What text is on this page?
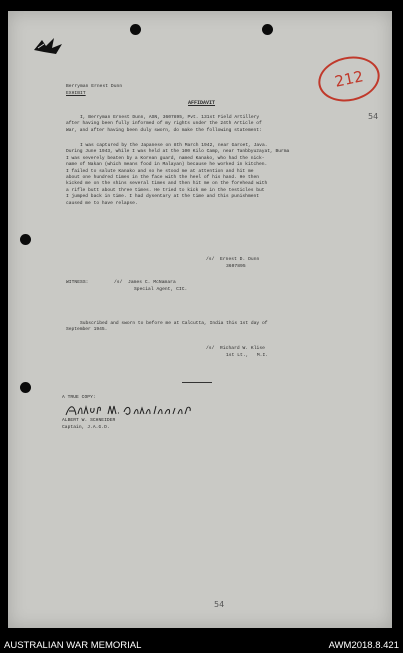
212
54
Berryman Ernest Dunn
EXHIBIT
AFFIDAVIT
I, Berryman Ernest Dunn, ASN, 3607895, Pvt. 131st Field Artillery
after having been fully informed of my rights under the 24th Article of
War, and after having been duly sworn, do make the following statement:
I was captured by the Japanese on 8th March 1942, near Garoet, Java.
During June 1943, while I was held at the 100 Kilo Camp, near Tanbbyuzayat, Burma
I was severely beaten by a Korean guard, named Kanako, who had the nick-
name of Nakan (which means food in Malayan) because he worked in kitchen.
I failed to salute Kanako and so he stood me at attention and hit me
about one hundred times in the face with the heel of his hand. He then
kicked me on the shins several times and then hit me on the forehead with
a rifle butt about three times. He tried to kick me in the testicles but
I jumped back in time. I had dysentary at the time and this punishment
caused me to have relapse.
/s/  Ernest D. Dunn
3607895
WITNESS:	/s/  James C. McNamara
Special Agent, CIC.
Subscribed and sworn to before me at Calcutta, India this 1st day of
September 1945.
/s/  Richard W. Klise
1st Lt.,   M.I.
A TRUE COPY:
ALBERT W. SCHNEIDER
Captain, J.A.G.D.
54
AUSTRALIAN WAR MEMORIAL	AWM2018.8.421
